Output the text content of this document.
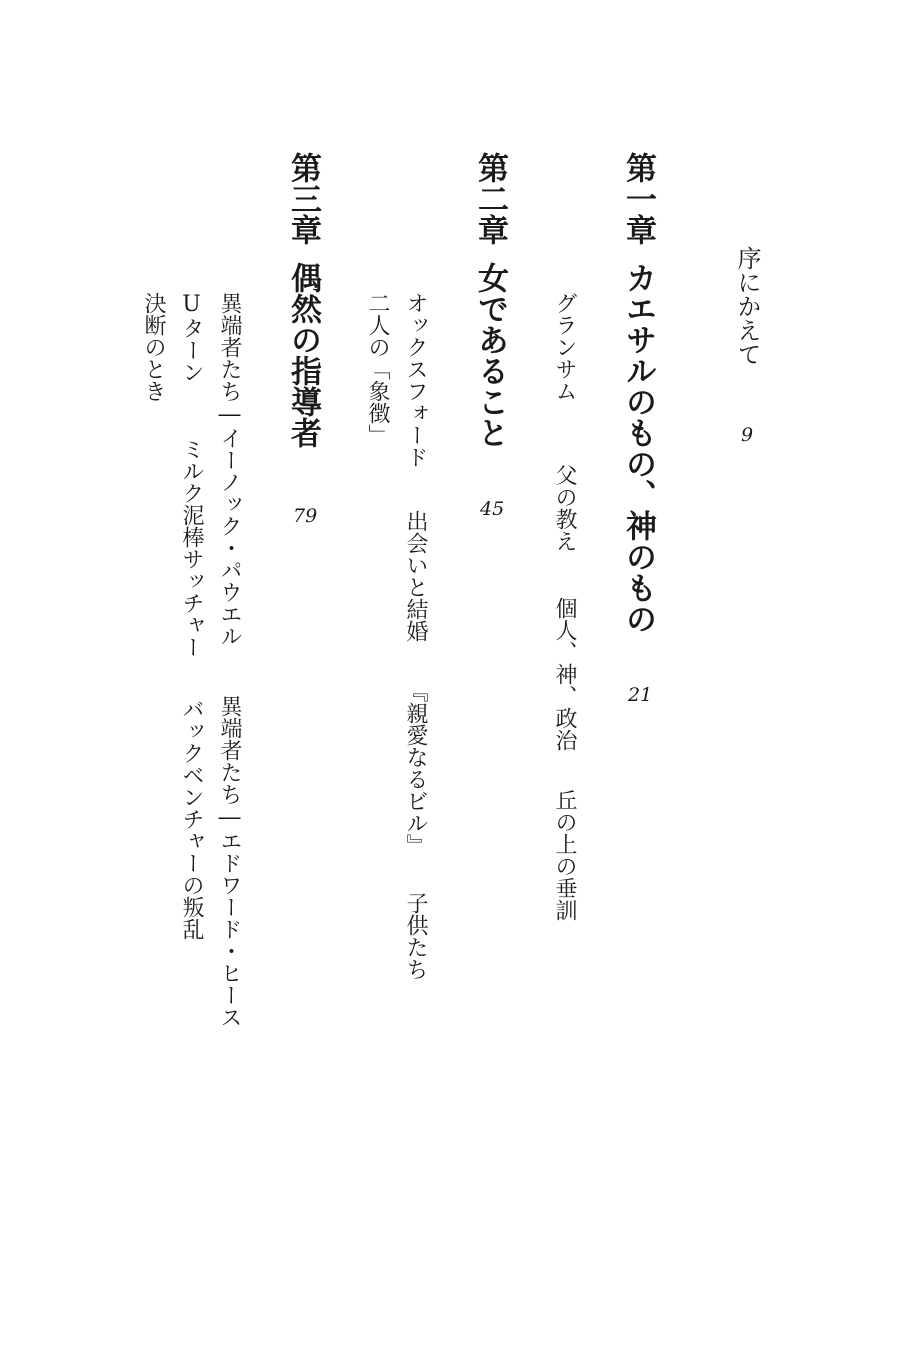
序にかえて
9
第一章
カエサルのもの、神のもの
21
グランサム父の教え個人、神、政治丘の上の垂訓
第二章
女であること
45
オックスフォード出会いと結婚『親愛なるビル』子供たち
二人の「象徴」
第三章
偶然の指導者
79
異端者たち―イーノック・パウエル異端者たち―エドワード・ヒース
Uターンミルク泥棒サッチャーバックベンチャーの叛乱
決断のとき
